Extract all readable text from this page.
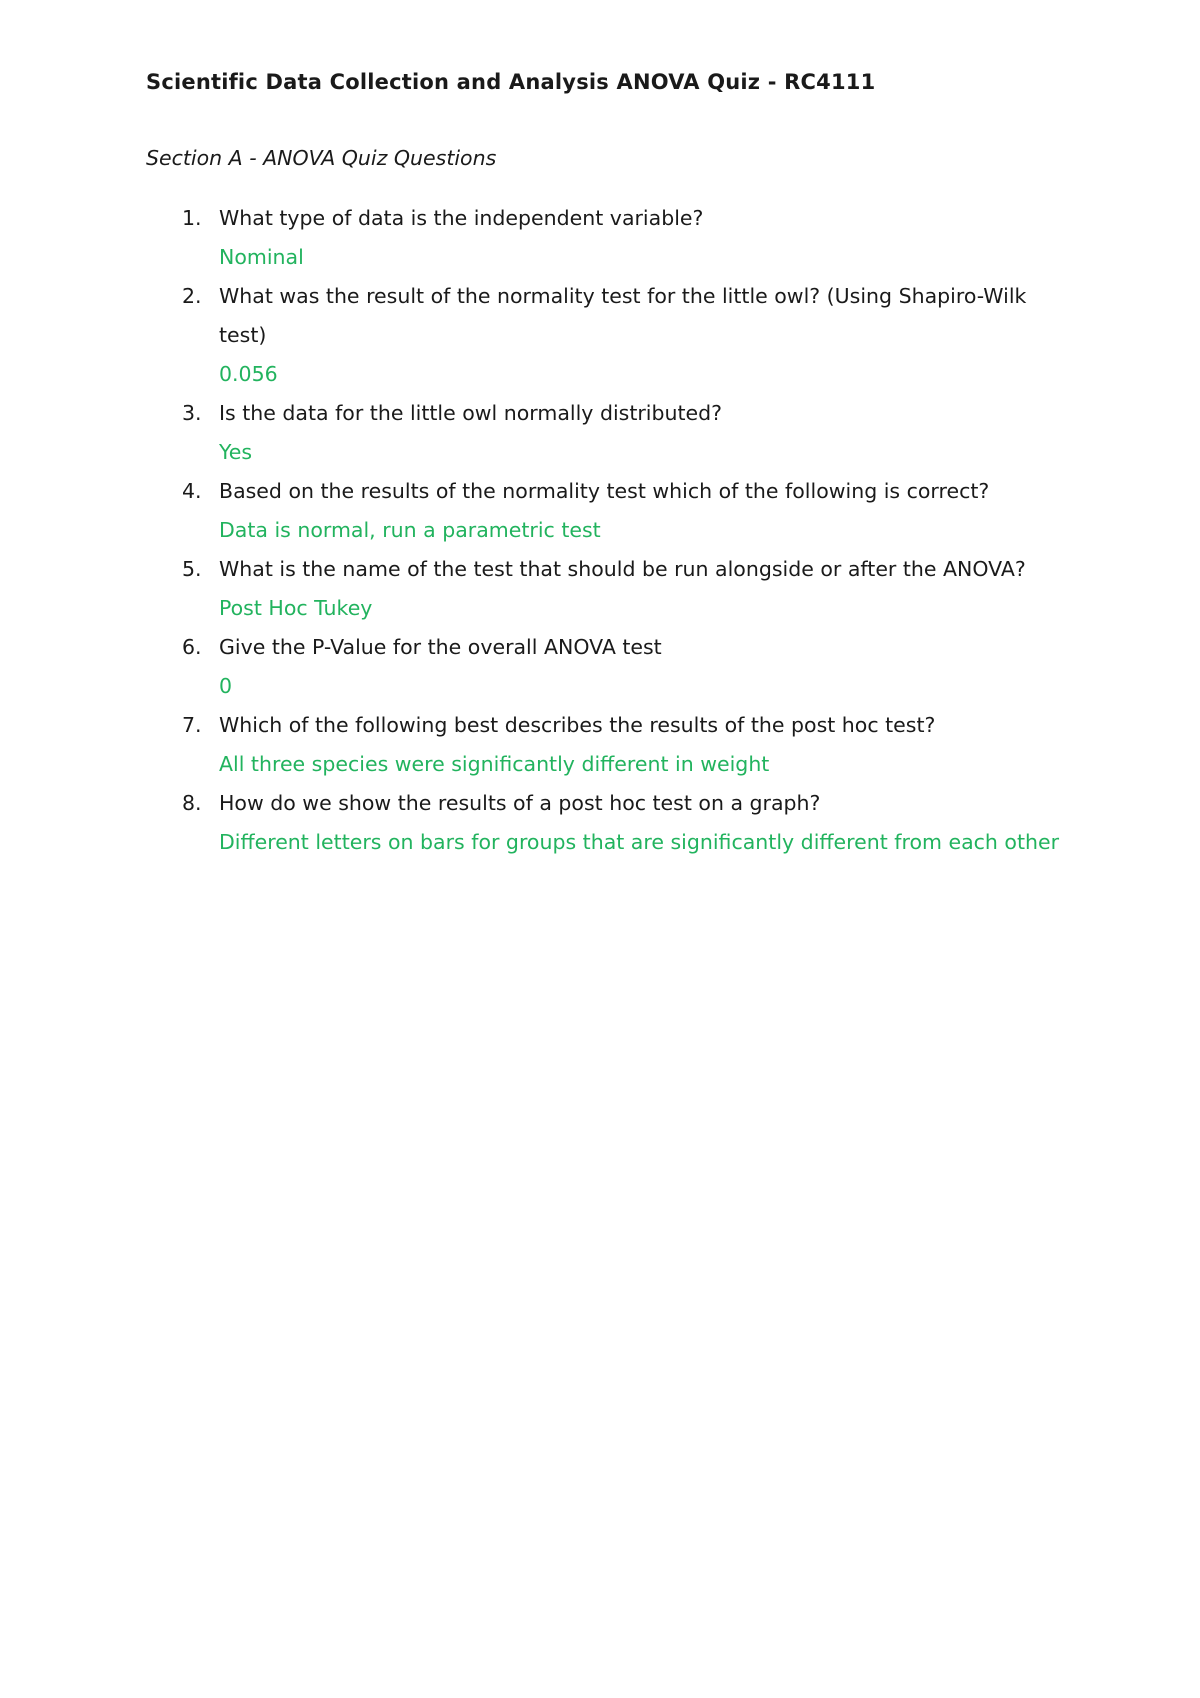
Scientific Data Collection and Analysis ANOVA Quiz - RC4111
Section A - ANOVA Quiz Questions
1. What type of data is the independent variable?
Nominal
2. What was the result of the normality test for the little owl? (Using Shapiro-Wilk test)
0.056
3. Is the data for the little owl normally distributed?
Yes
4. Based on the results of the normality test which of the following is correct?
Data is normal, run a parametric test
5. What is the name of the test that should be run alongside or after the ANOVA?
Post Hoc Tukey
6. Give the P-Value for the overall ANOVA test
0
7. Which of the following best describes the results of the post hoc test?
All three species were significantly different in weight
8. How do we show the results of a post hoc test on a graph?
Different letters on bars for groups that are significantly different from each other
